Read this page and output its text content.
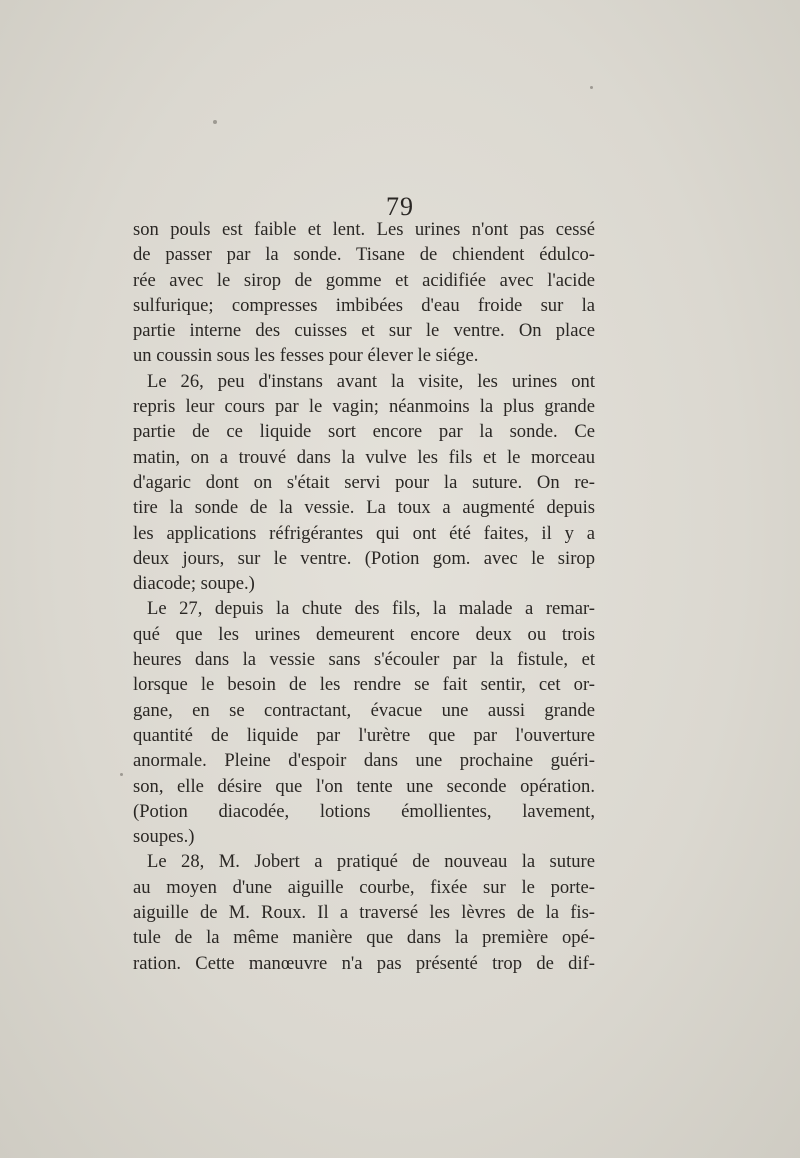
79
son pouls est faible et lent. Les urines n'ont pas cessé
de passer par la sonde. Tisane de chiendent édulco-
rée avec le sirop de gomme et acidifiée avec l'acide
sulfurique; compresses imbibées d'eau froide sur la
partie interne des cuisses et sur le ventre. On place
un coussin sous les fesses pour élever le siége.
Le 26, peu d'instans avant la visite, les urines ont
repris leur cours par le vagin; néanmoins la plus grande
partie de ce liquide sort encore par la sonde. Ce
matin, on a trouvé dans la vulve les fils et le morceau
d'agaric dont on s'était servi pour la suture. On re-
tire la sonde de la vessie. La toux a augmenté depuis
les applications réfrigérantes qui ont été faites, il y a
deux jours, sur le ventre. (Potion gom. avec le sirop
diacode; soupe.)
Le 27, depuis la chute des fils, la malade a remar-
qué que les urines demeurent encore deux ou trois
heures dans la vessie sans s'écouler par la fistule, et
lorsque le besoin de les rendre se fait sentir, cet or-
gane, en se contractant, évacue une aussi grande
quantité de liquide par l'urètre que par l'ouverture
anormale. Pleine d'espoir dans une prochaine guéri-
son, elle désire que l'on tente une seconde opération.
(Potion diacodée, lotions émollientes, lavement,
soupes.)
Le 28, M. Jobert a pratiqué de nouveau la suture
au moyen d'une aiguille courbe, fixée sur le porte-
aiguille de M. Roux. Il a traversé les lèvres de la fis-
tule de la même manière que dans la première opé-
ration. Cette manœuvre n'a pas présenté trop de dif-
